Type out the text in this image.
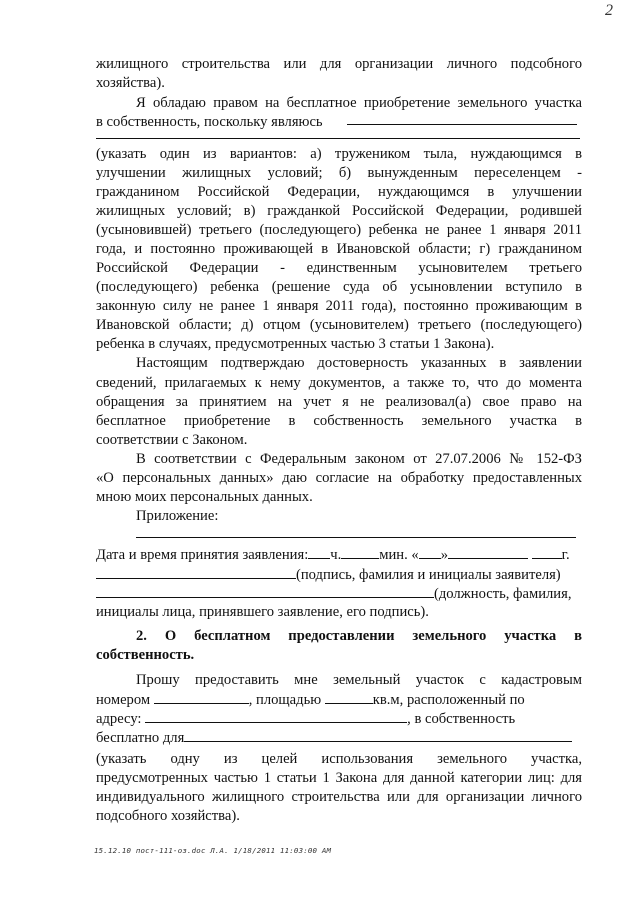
2
жилищного строительства или для организации личного подсобного
хозяйства).
Я обладаю правом на бесплатное приобретение земельного участка
в собственность, поскольку являюсь
(указать один из вариантов: а) тружеником тыла, нуждающимся в
улучшении жилищных условий; б) вынужденным переселенцем -
гражданином Российской Федерации, нуждающимся в улучшении
жилищных условий; в) гражданкой Российской Федерации, родившей
(усыновившей) третьего (последующего) ребенка не ранее 1 января 2011
года, и постоянно проживающей в Ивановской области; г) гражданином
Российской Федерации - единственным усыновителем третьего
(последующего) ребенка (решение суда об усыновлении вступило в
законную силу не ранее 1 января 2011 года), постоянно проживающим в
Ивановской области; д) отцом (усыновителем) третьего (последующего)
ребенка в случаях, предусмотренных частью 3 статьи 1 Закона).
Настоящим подтверждаю достоверность указанных в заявлении
сведений, прилагаемых к нему документов, а также то, что до момента
обращения за принятием на учет я не реализовал(а) свое право на
бесплатное приобретение в собственность земельного участка в
соответствии с Законом.
В соответствии с Федеральным законом от 27.07.2006 № 152-ФЗ
«О персональных данных» даю согласие на обработку предоставленных
мною моих персональных данных.
Приложение:
Дата и время принятия заявления: ч.	мин. « »	г.
(подпись, фамилия и инициалы заявителя)
(должность, фамилия,
инициалы лица, принявшего заявление, его подпись).
2. О бесплатном предоставлении земельного участка в
собственность.
Прошу предоставить мне земельный участок с кадастровым
номером	, площадью	кв.м, расположенный по
адресу:	, в собственность
бесплатно для
(указать одну из целей использования земельного участка,
предусмотренных частью 1 статьи 1 Закона для данной категории лиц: для
индивидуального жилищного строительства или для организации личного
подсобного хозяйства).
15.12.10 пост-111-оз.doc Л.А. 1/18/2011 11:03:00 AM
